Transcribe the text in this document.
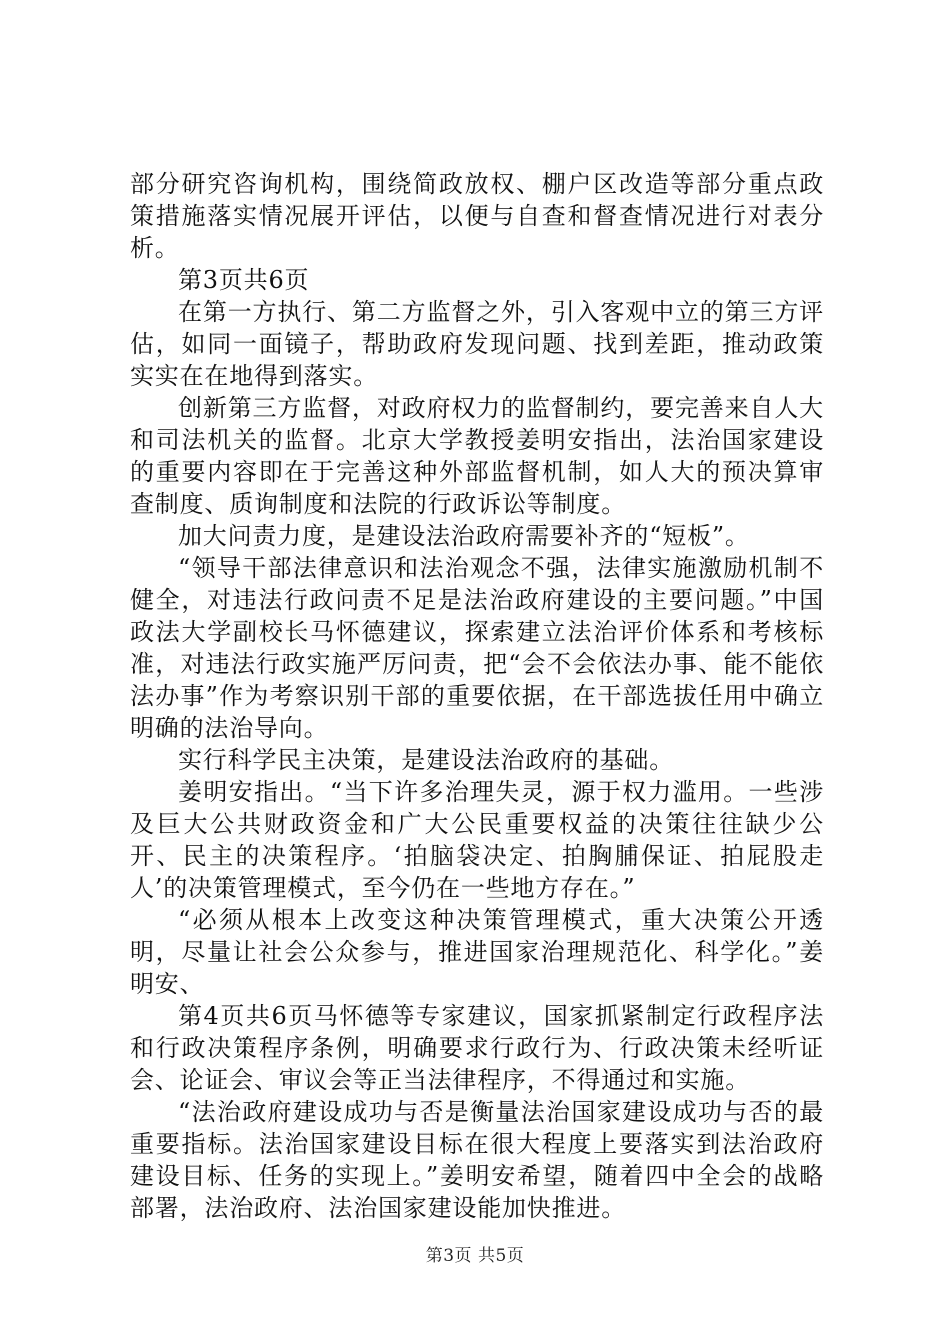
部分研究咨询机构，围绕简政放权、棚户区改造等部分重点政策措施落实情况展开评估，以便与自查和督查情况进行对表分析。

第3页共6页

在第一方执行、第二方监督之外，引入客观中立的第三方评估，如同一面镜子，帮助政府发现问题、找到差距，推动政策实实在在地得到落实。

创新第三方监督，对政府权力的监督制约，要完善来自人大和司法机关的监督。北京大学教授姜明安指出，法治国家建设的重要内容即在于完善这种外部监督机制，如人大的预决算审查制度、质询制度和法院的行政诉讼等制度。

加大问责力度，是建设法治政府需要补齐的“短板”。

“领导干部法律意识和法治观念不强，法律实施激励机制不健全，对违法行政问责不足是法治政府建设的主要问题。”中国政法大学副校长马怀德建议，探索建立法治评价体系和考核标准，对违法行政实施严厉问责，把“会不会依法办事、能不能依法办事”作为考察识别干部的重要依据，在干部选拔任用中确立明确的法治导向。

实行科学民主决策，是建设法治政府的基础。

姜明安指出。“当下许多治理失灵，源于权力滥用。一些涉及巨大公共财政资金和广大公民重要权益的决策往往缺少公开、民主的决策程序。‘拍脑袋决定、拍胸脯保证、拍屁股走人’的决策管理模式，至今仍在一些地方存在。”

“必须从根本上改变这种决策管理模式，重大决策公开透明，尽量让社会公众参与，推进国家治理规范化、科学化。”姜明安、

第4页共6页马怀德等专家建议，国家抓紧制定行政程序法和行政决策程序条例，明确要求行政行为、行政决策未经听证会、论证会、审议会等正当法律程序，不得通过和实施。

“法治政府建设成功与否是衡量法治国家建设成功与否的最重要指标。法治国家建设目标在很大程度上要落实到法治政府建设目标、任务的实现上。”姜明安希望，随着四中全会的战略部署，法治政府、法治国家建设能加快推进。

第3页 共5页
